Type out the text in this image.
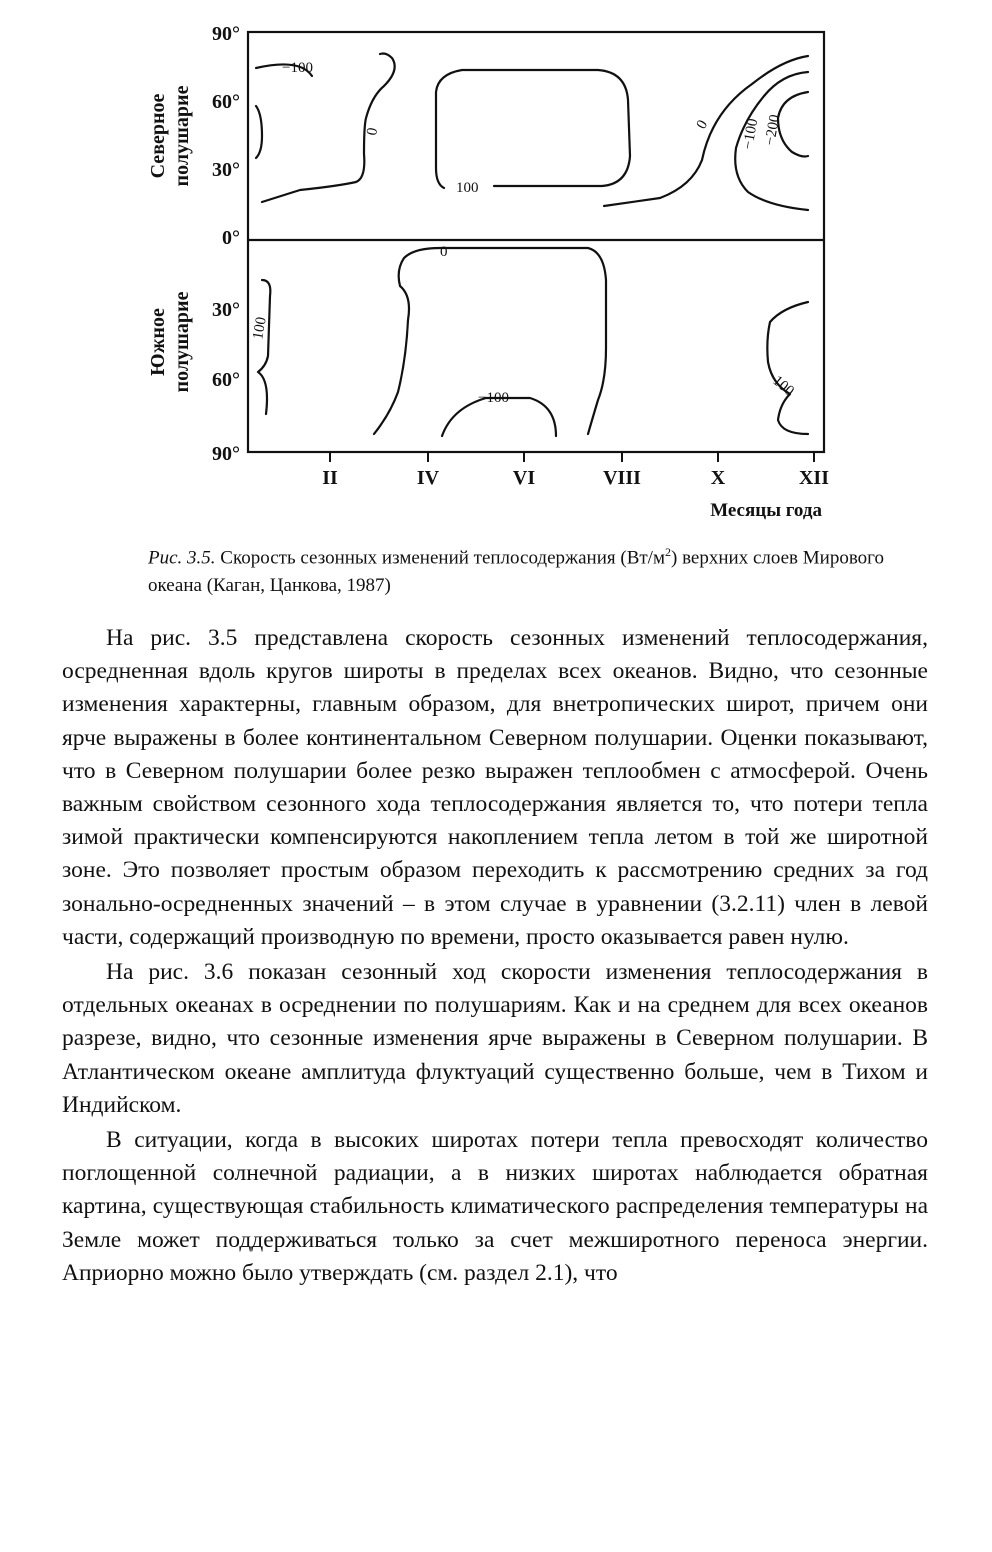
90°
60°
30°
0°
30°
60°
90°
Северное полушарие
Южное полушарие
II	IV	VI	VIII	X	XII
Месяцы года
−100
0
100
0 −100 −200
0
100
−100	100
Рис. 3.5. Скорость сезонных изменений теплосодержания $(Вт/м^2)$ верхних слоев Мирового океана (Каган, Цанкова, 1987)

На рис. 3.5 представлена скорость сезонных изменений теплосодержания, осредненная вдоль кругов широты в пределах всех океанов. Видно, что сезонные изменения характерны, главным образом, для внетропических широт, причем они ярче выражены в более континентальном Северном полушарии. Оценки показывают, что в Северном полушарии более резко выражен теплообмен с атмосферой. Очень важным свойством сезонного хода теплосодержания является то, что потери тепла зимой практически компенсируются накоплением тепла летом в той же широтной зоне. Это позволяет простым образом переходить к рассмотрению средних за год зонально-осредненных значений – в этом случае в уравнении (3.2.11) член в левой части, содержащий производную по времени, просто оказывается равен нулю.

На рис. 3.6 показан сезонный ход скорости изменения теплосодержания в отдельных океанах в осреднении по полушариям. Как и на среднем для всех океанов разрезе, видно, что сезонные изменения ярче выражены в Северном полушарии. В Атлантическом океане амплитуда флуктуаций существенно больше, чем в Тихом и Индийском.

В ситуации, когда в высоких широтах потери тепла превосходят количество поглощенной солнечной радиации, а в низких широтах наблюдается обратная картина, существующая стабильность климатического распределения температуры на Земле может поддерживаться только за счет межширотного переноса энергии. Априорно можно было утверждать (см. раздел 2.1), что
